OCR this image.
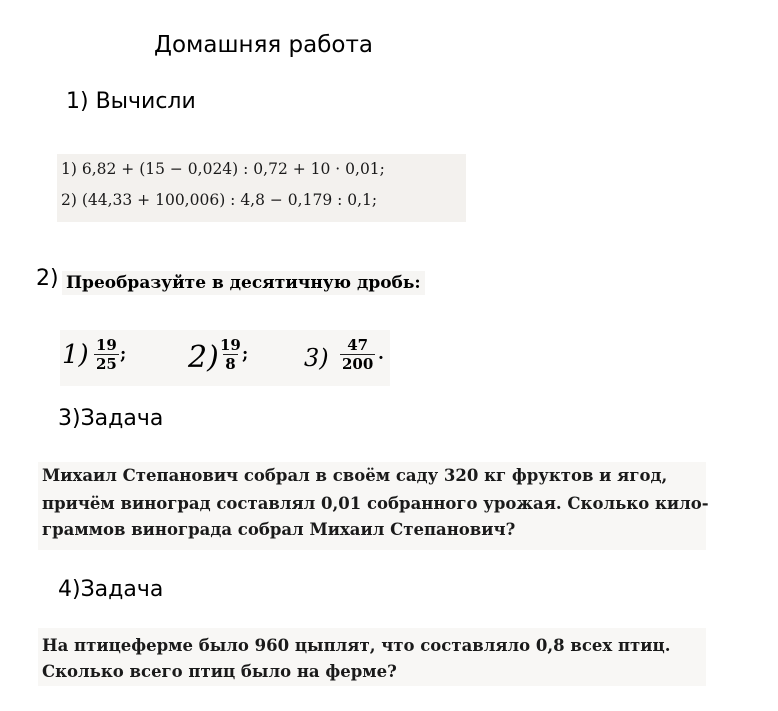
Домашняя работа
1) Вычисли
1) 6,82 + (15 − 0,024) : 0,72 + 10 · 0,01;
2) (44,33 + 100,006) : 4,8 − 0,179 : 0,1;
2) Преобразуйте в десятичную дробь:
$1) \frac{19}{25}$ ; $2) \frac{19}{8}$ ; $3) \frac{47}{200}$ .
3)Задача

Михаил Степанович собрал в своём саду 320 кг фруктов и ягод,

причём виноград составлял 0,01 собранного урожая. Сколько кило-

граммов винограда собрал Михаил Степанович?

4)Задача

На птицеферме было 960 цыплят, что составляло 0,8 всех птиц.

Сколько всего птиц было на ферме?
